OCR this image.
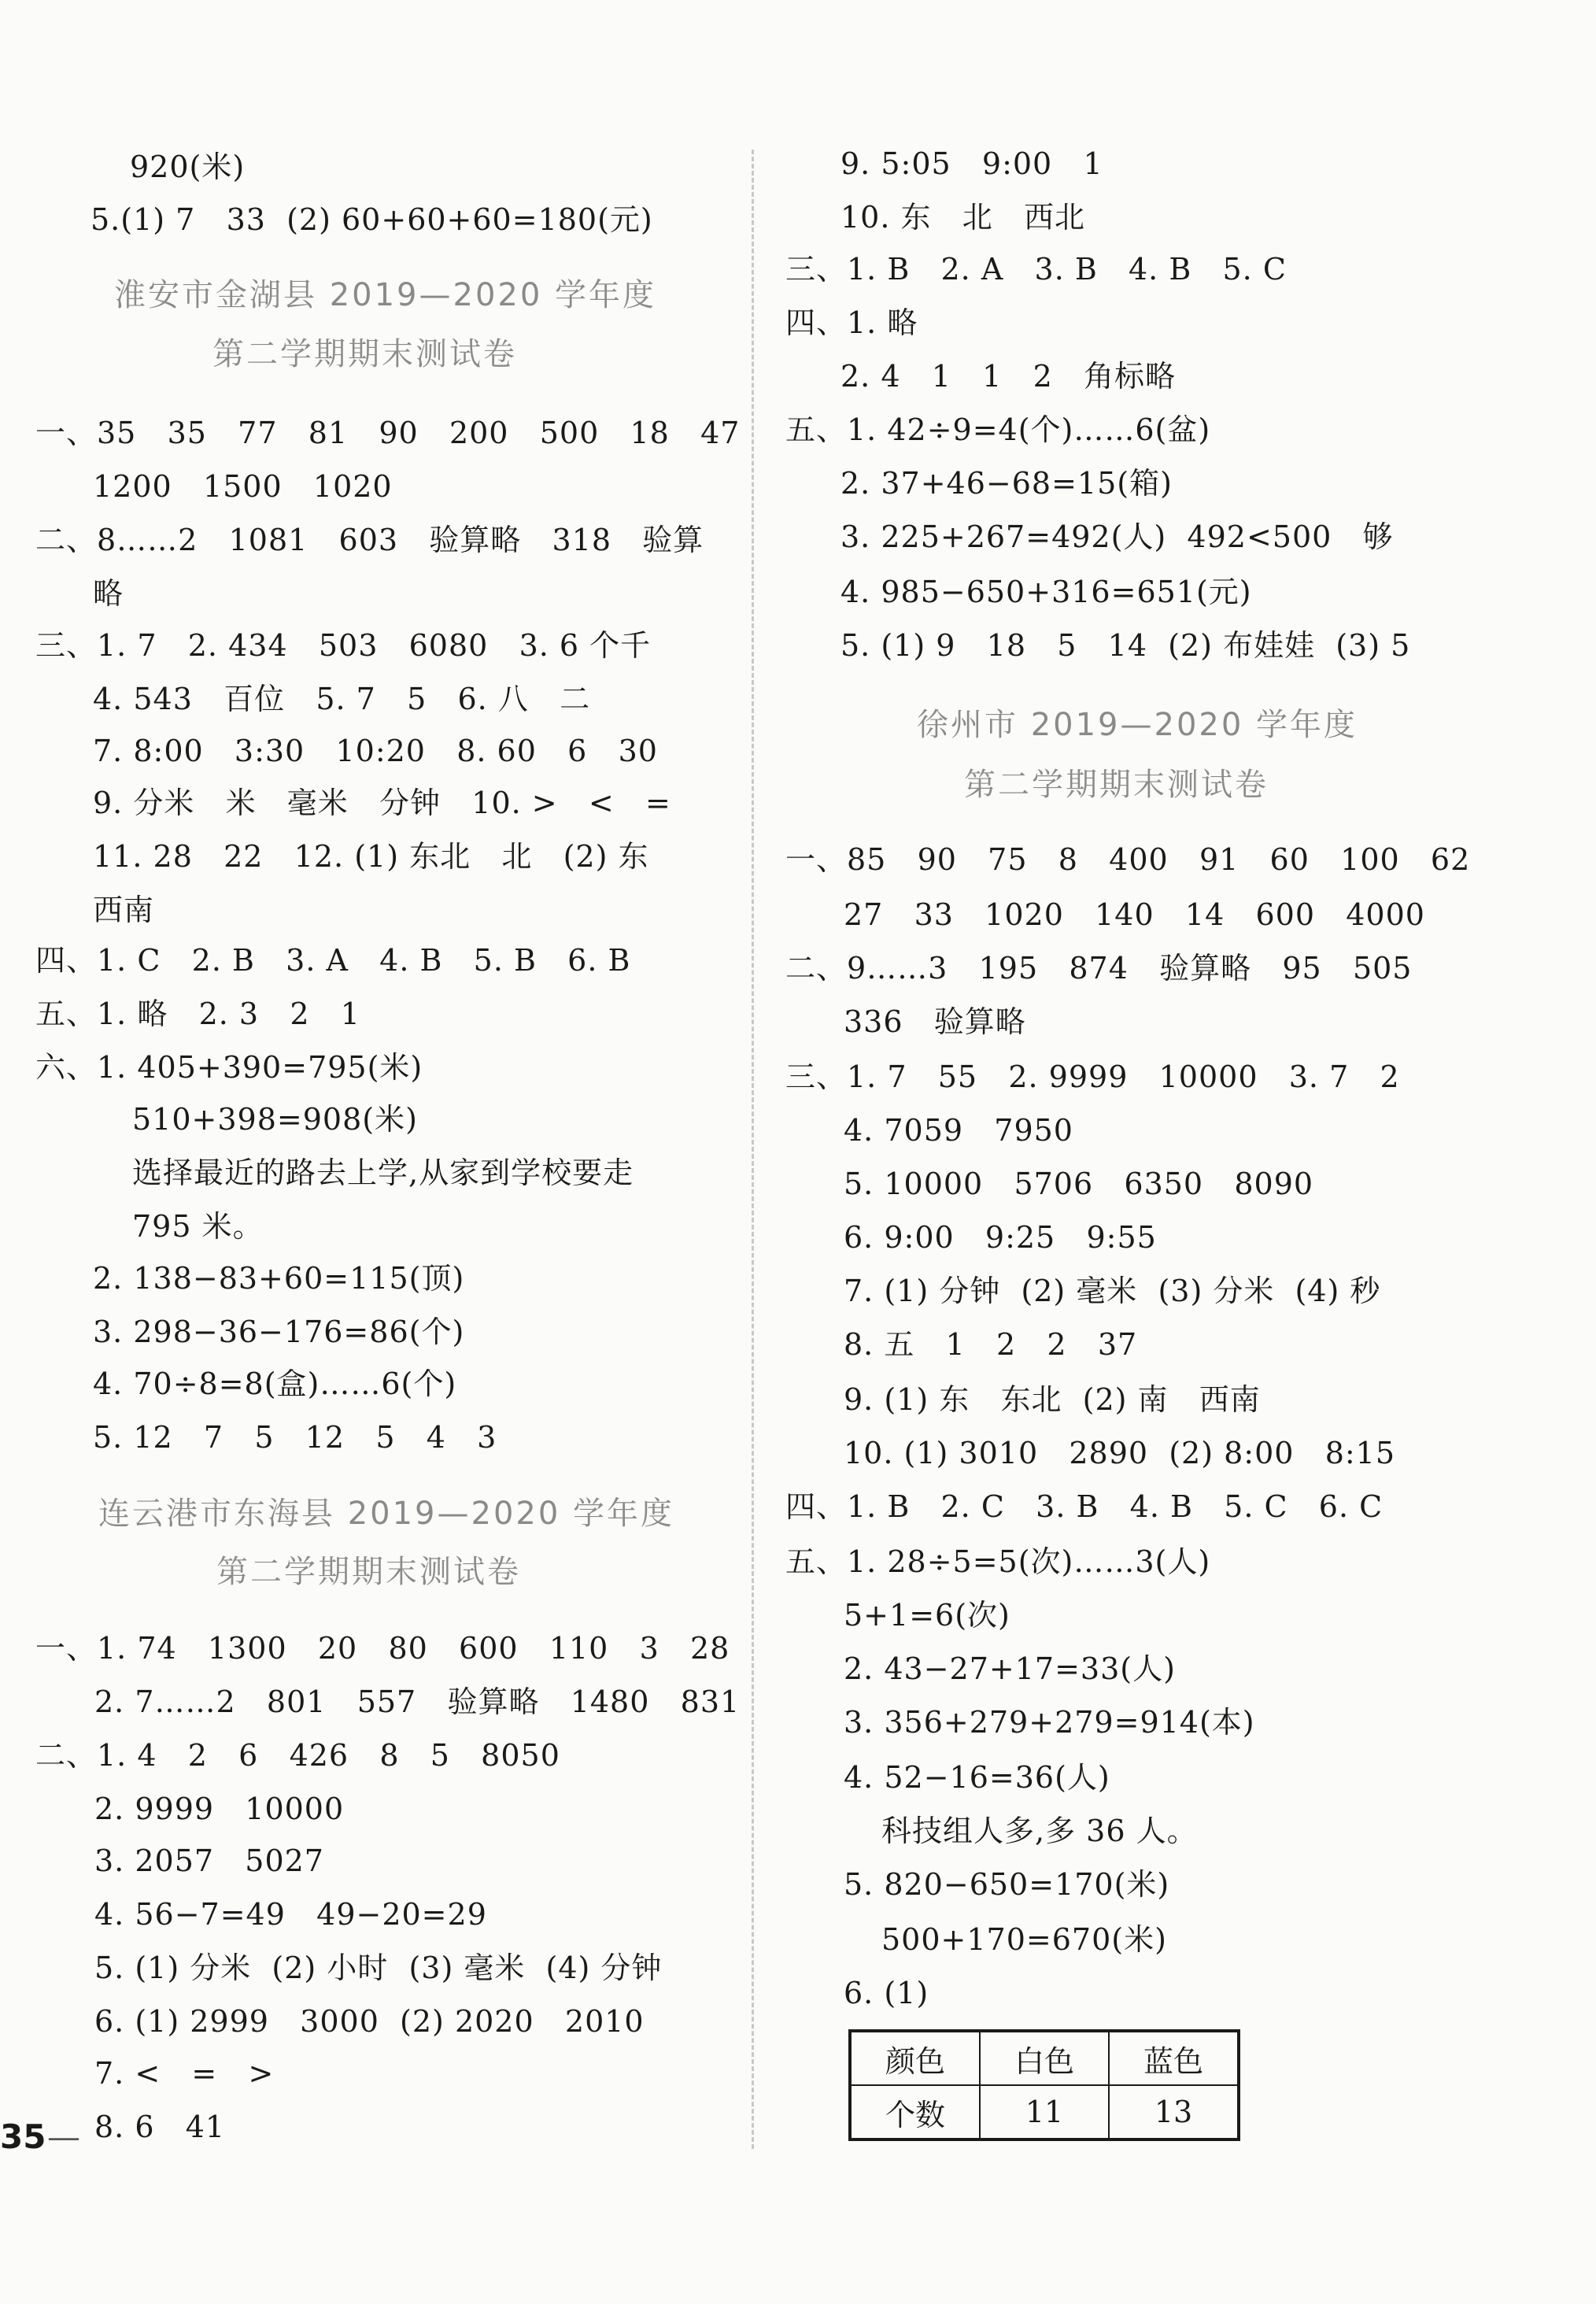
920(米)
5.(1) 7   33  (2) 60+60+60=180(元)
淮安市金湖县 2019—2020 学年度
第二学期期末测试卷
一、35   35   77   81   90   200   500   18   47
1200   1500   1020
二、8……2   1081   603   验算略   318   验算
略
三、1. 7   2. 434   503   6080   3. 6 个千
4. 543   百位   5. 7   5   6. 八   二
7. 8:00   3:30   10:20   8. 60   6   30
9. 分米   米   毫米   分钟   10. >   <   =
11. 28   22   12. (1) 东北   北   (2) 东
西南
四、1. C   2. B   3. A   4. B   5. B   6. B
五、1. 略   2. 3   2   1
六、1. 405+390=795(米)
510+398=908(米)
选择最近的路去上学,从家到学校要走
795 米。
2. 138−83+60=115(顶)
3. 298−36−176=86(个)
4. 70÷8=8(盒)……6(个)
5. 12   7   5   12   5   4   3
连云港市东海县 2019—2020 学年度
第二学期期末测试卷
一、1. 74   1300   20   80   600   110   3   28
2. 7……2   801   557   验算略   1480   831
二、1. 4   2   6   426   8   5   8050
2. 9999   10000
3. 2057   5027
4. 56−7=49   49−20=29
5. (1) 分米  (2) 小时  (3) 毫米  (4) 分钟
6. (1) 2999   3000  (2) 2020   2010
7. <   =   >
8. 6   41
9. 5:05   9:00   1
10. 东   北   西北
三、1. B   2. A   3. B   4. B   5. C
四、1. 略
2. 4   1   1   2   角标略
五、1. 42÷9=4(个)……6(盆)
2. 37+46−68=15(箱)
3. 225+267=492(人)  492<500   够
4. 985−650+316=651(元)
5. (1) 9   18   5   14  (2) 布娃娃  (3) 5
徐州市 2019—2020 学年度
第二学期期末测试卷
一、85   90   75   8   400   91   60   100   62
27   33   1020   140   14   600   4000
二、9……3   195   874   验算略   95   505
336   验算略
三、1. 7   55   2. 9999   10000   3. 7   2
4. 7059   7950
5. 10000   5706   6350   8090
6. 9:00   9:25   9:55
7. (1) 分钟  (2) 毫米  (3) 分米  (4) 秒
8. 五   1   2   2   37
9. (1) 东   东北  (2) 南   西南
10. (1) 3010   2890  (2) 8:00   8:15
四、1. B   2. C   3. B   4. B   5. C   6. C
五、1. 28÷5=5(次)……3(人)
5+1=6(次)
2. 43−27+17=33(人)
3. 356+279+279=914(本)
4. 52−16=36(人)
科技组人多,多 36 人。
5. 820−650=170(米)
500+170=670(米)
6. (1)
颜色	白色	蓝色
个数	11	13
35 —
